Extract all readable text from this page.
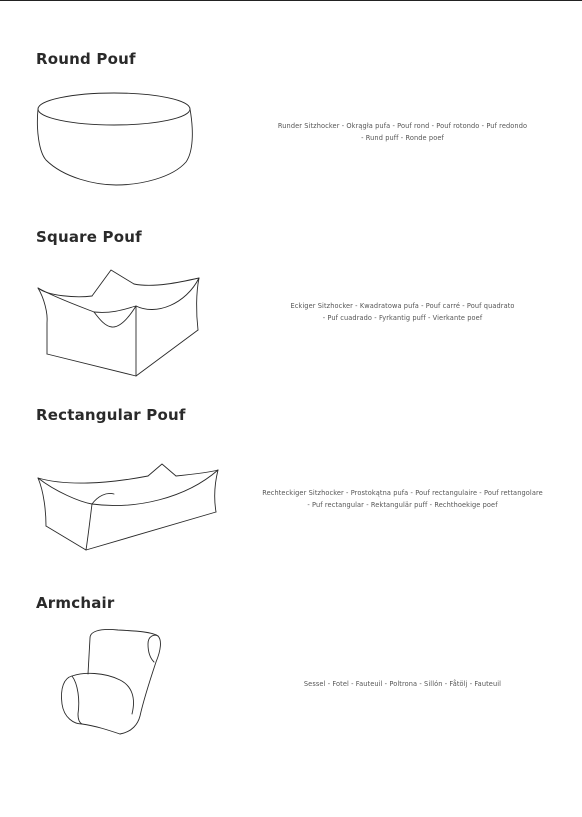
Round Pouf

Runder Sitzhocker - Okrągła pufa - Pouf rond - Pouf rotondo - Puf redondo
- Rund puff - Ronde poef

Square Pouf

Eckiger Sitzhocker - Kwadratowa pufa - Pouf carré - Pouf quadrato
- Puf cuadrado - Fyrkantig puff - Vierkante poef

Rectangular Pouf

Rechteckiger Sitzhocker - Prostokątna pufa - Pouf rectangulaire - Pouf rettangolare
- Puf rectangular - Rektangulär puff - Rechthoekige poef

Armchair

Sessel - Fotel - Fauteuil - Poltrona - Sillón - Fåtölj - Fauteuil
